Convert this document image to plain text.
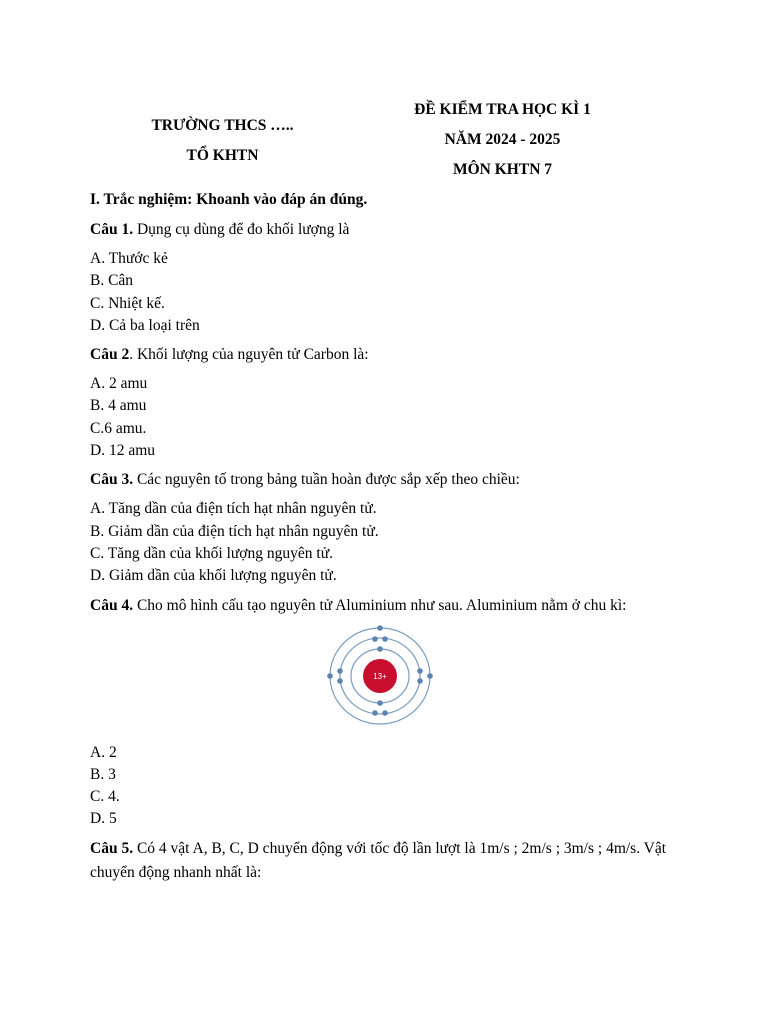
TRƯỜNG THCS …..
TỔ KHTN
ĐỀ KIỂM TRA HỌC KÌ 1
NĂM 2024 - 2025
MÔN KHTN 7
I. Trắc nghiệm: Khoanh vào đáp án đúng.
Câu 1. Dụng cụ dùng để đo khối lượng là
A. Thước kẻ
B. Cân
C. Nhiệt kế.
D. Cả ba loại trên
Câu 2. Khối lượng của nguyên tử Carbon là:
A. 2 amu
B. 4 amu
C.6 amu.
D. 12 amu
Câu 3. Các nguyên tố trong bảng tuần hoàn được sắp xếp theo chiều:
A. Tăng dần của điện tích hạt nhân nguyên tử.
B. Giảm dần của điện tích hạt nhân nguyên tử.
C. Tăng dần của khối lượng nguyên tử.
D. Giảm dần của khối lượng nguyên tử.
Câu 4. Cho mô hình cấu tạo nguyên tử Aluminium như sau. Aluminium nằm ở chu kì:
13+
A. 2
B. 3
C. 4.
D. 5
Câu 5. Có 4 vật A, B, C, D chuyển động với tốc độ lần lượt là 1m/s ; 2m/s ; 3m/s ; 4m/s. Vật chuyển động nhanh nhất là:
